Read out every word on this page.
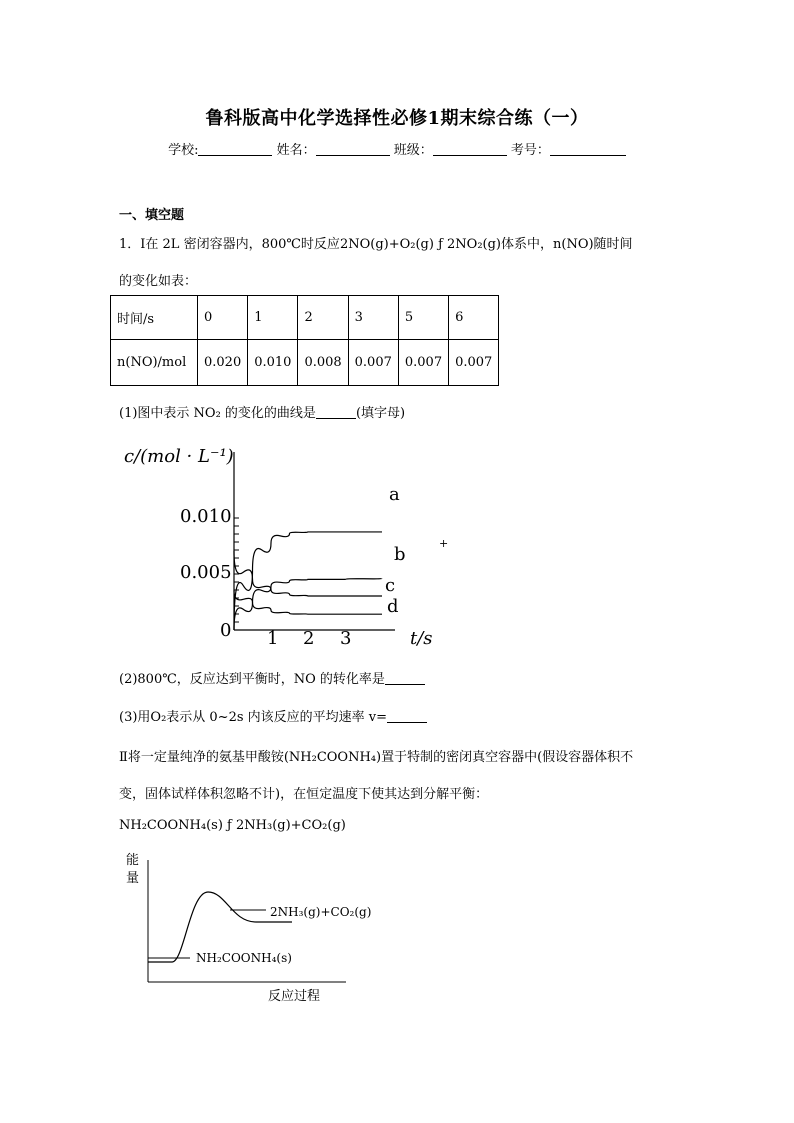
鲁科版高中化学选择性必修1期末综合练（一）
学校:	姓名：	班级：	考号：
一、填空题
1．Ⅰ在 2L 密闭容器内，800℃时反应2NO(g)+O₂(g) ƒ 2NO₂(g)体系中，n(NO)随时间
的变化如表：
时间/s	0	1	2	3	5	6
n(NO)/mol	0.020	0.010	0.008	0.007	0.007	0.007
(1)图中表示 NO₂ 的变化的曲线是	(填字母)
c/(mol · L⁻¹)
0.010
0.005
0 1 2 3	t/s
a
b
c
d
+
(2)800℃，反应达到平衡时，NO 的转化率是
(3)用O₂表示从 0~2s 内该反应的平均速率 v=
Ⅱ将一定量纯净的氨基甲酸铵(NH₂COONH₄)置于特制的密闭真空容器中(假设容器体积不
变，固体试样体积忽略不计)，在恒定温度下使其达到分解平衡：
NH₂COONH₄(s) ƒ 2NH₃(g)+CO₂(g)
能
量
2NH₃(g)+CO₂(g)
NH₂COONH₄(s)
反应过程
